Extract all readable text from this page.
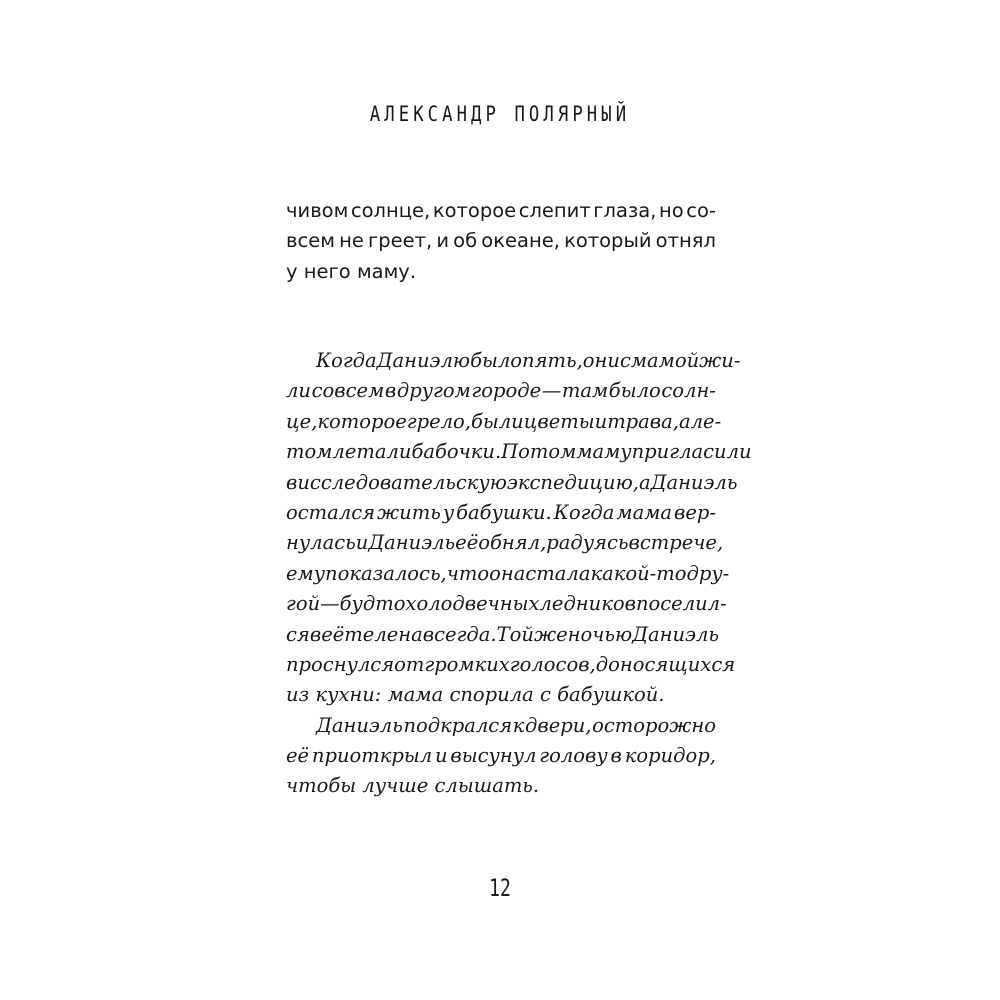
АЛЕКСАНДР ПОЛЯРНЫЙ
чивом солнце, которое слепит глаза, но со-
всем не греет, и об океане, который отнял
у него маму.
Когда Даниэлю было пять, они с мамой жи-
ли совсем в другом городе — там было солн-
це, которое грело, были цветы и трава, а ле-
том летали бабочки. Потом маму пригласили
в исследовательскую экспедицию, а Даниэль
остался жить у бабушки. Когда мама вер-
нулась и Даниэль её обнял, радуясь встрече,
ему показалось, что она стала какой-то дру-
гой — будто холод вечных ледников поселил-
ся в её теле навсегда. Той же ночью Даниэль
проснулся от громких голосов, доносящихся
из кухни: мама спорила с бабушкой.
Даниэль подкрался к двери, осторожно
её приоткрыл и высунул голову в коридор,
чтобы лучше слышать.
12
